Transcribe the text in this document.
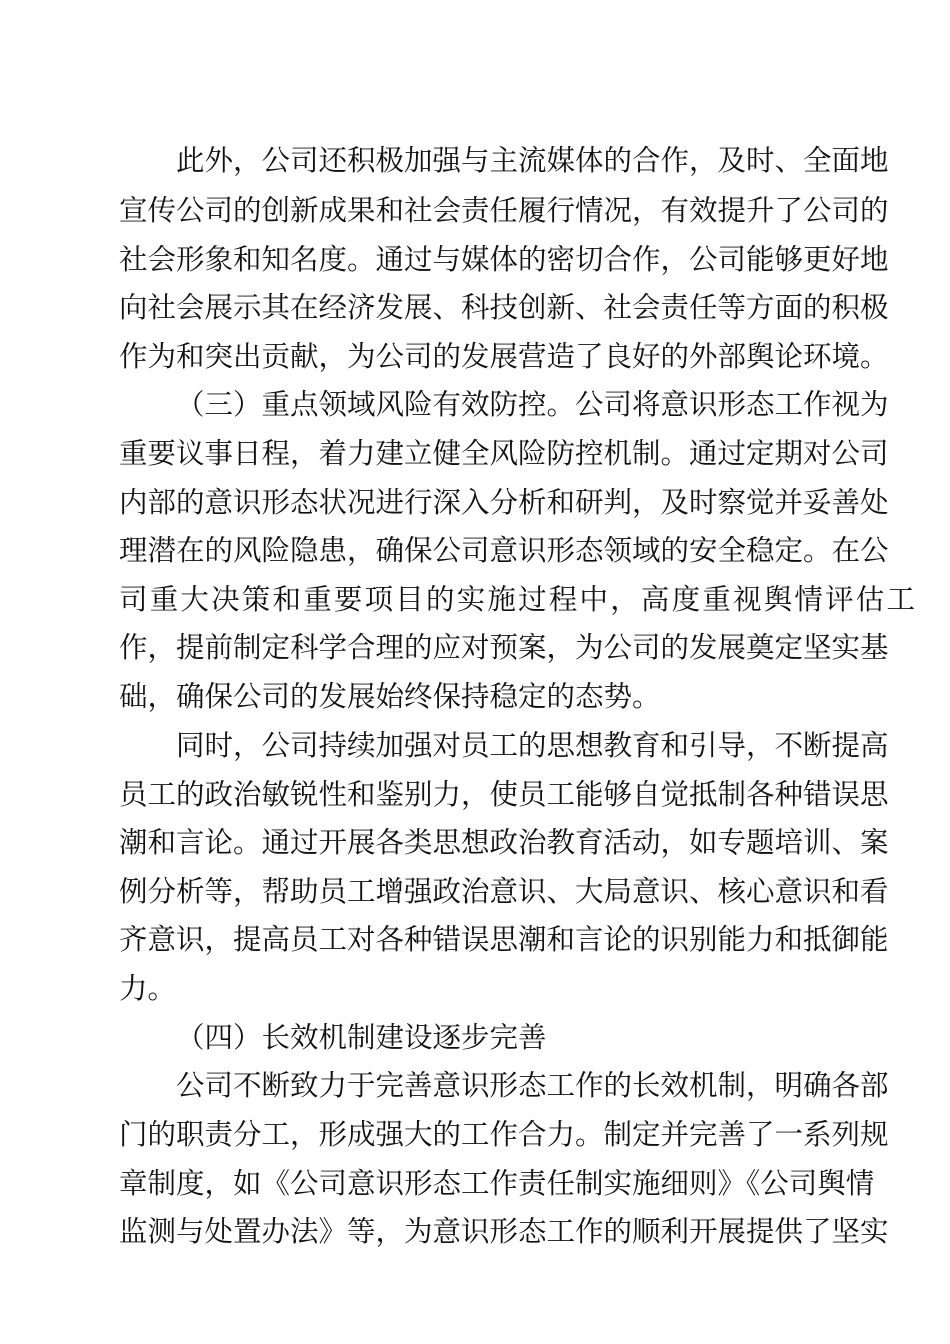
此外，公司还积极加强与主流媒体的合作，及时、全面地
宣传公司的创新成果和社会责任履行情况，有效提升了公司的
社会形象和知名度。通过与媒体的密切合作，公司能够更好地
向社会展示其在经济发展、科技创新、社会责任等方面的积极
作为和突出贡献，为公司的发展营造了良好的外部舆论环境。
（三）重点领域风险有效防控。公司将意识形态工作视为
重要议事日程，着力建立健全风险防控机制。通过定期对公司
内部的意识形态状况进行深入分析和研判，及时察觉并妥善处
理潜在的风险隐患，确保公司意识形态领域的安全稳定。在公
司重大决策和重要项目的实施过程中，高度重视舆情评估工
作，提前制定科学合理的应对预案，为公司的发展奠定坚实基
础，确保公司的发展始终保持稳定的态势。
同时，公司持续加强对员工的思想教育和引导，不断提高
员工的政治敏锐性和鉴别力，使员工能够自觉抵制各种错误思
潮和言论。通过开展各类思想政治教育活动，如专题培训、案
例分析等，帮助员工增强政治意识、大局意识、核心意识和看
齐意识，提高员工对各种错误思潮和言论的识别能力和抵御能
力。
（四）长效机制建设逐步完善
公司不断致力于完善意识形态工作的长效机制，明确各部
门的职责分工，形成强大的工作合力。制定并完善了一系列规
章制度，如《公司意识形态工作责任制实施细则》《公司舆情
监测与处置办法》等，为意识形态工作的顺利开展提供了坚实
